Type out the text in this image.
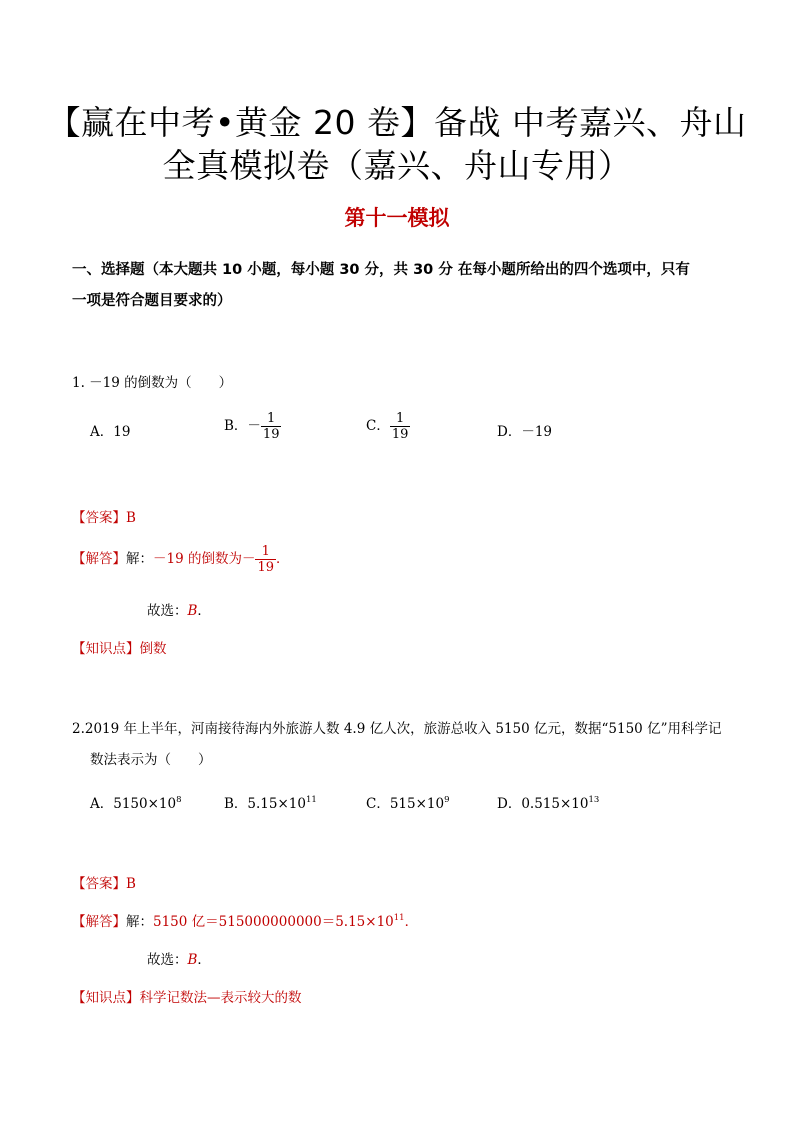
【赢在中考•黄金 20 卷】备战 中考嘉兴、舟山
全真模拟卷（嘉兴、舟山专用）
第十一模拟
一、选择题（本大题共 10 小题，每小题 30 分，共 30 分 在每小题所给出的四个选项中，只有
一项是符合题目要求的）
1. －19 的倒数为（　　）
A．19	B．－ $\frac{1}{19}$	C． $\frac{1}{19}$	D．－19
【答案】B
【解答】解：－19 的倒数为－ $\frac{1}{19}$ ．
故选：B．
【知识点】倒数
2.2019 年上半年，河南接待海内外旅游人数 4.9 亿人次，旅游总收入 5150 亿元，数据“5150 亿”用科学记
数法表示为（　　）
A．$5150\times 10^8$	B．$5.15\times 10^{11}$	C．$515\times 10^9$	D．$0.515\times 10^{13}$
【答案】B
【解答】解：5150 亿$=515000000000=5.15\times 10^{11}$．
故选：B．
【知识点】科学记数法—表示较大的数
